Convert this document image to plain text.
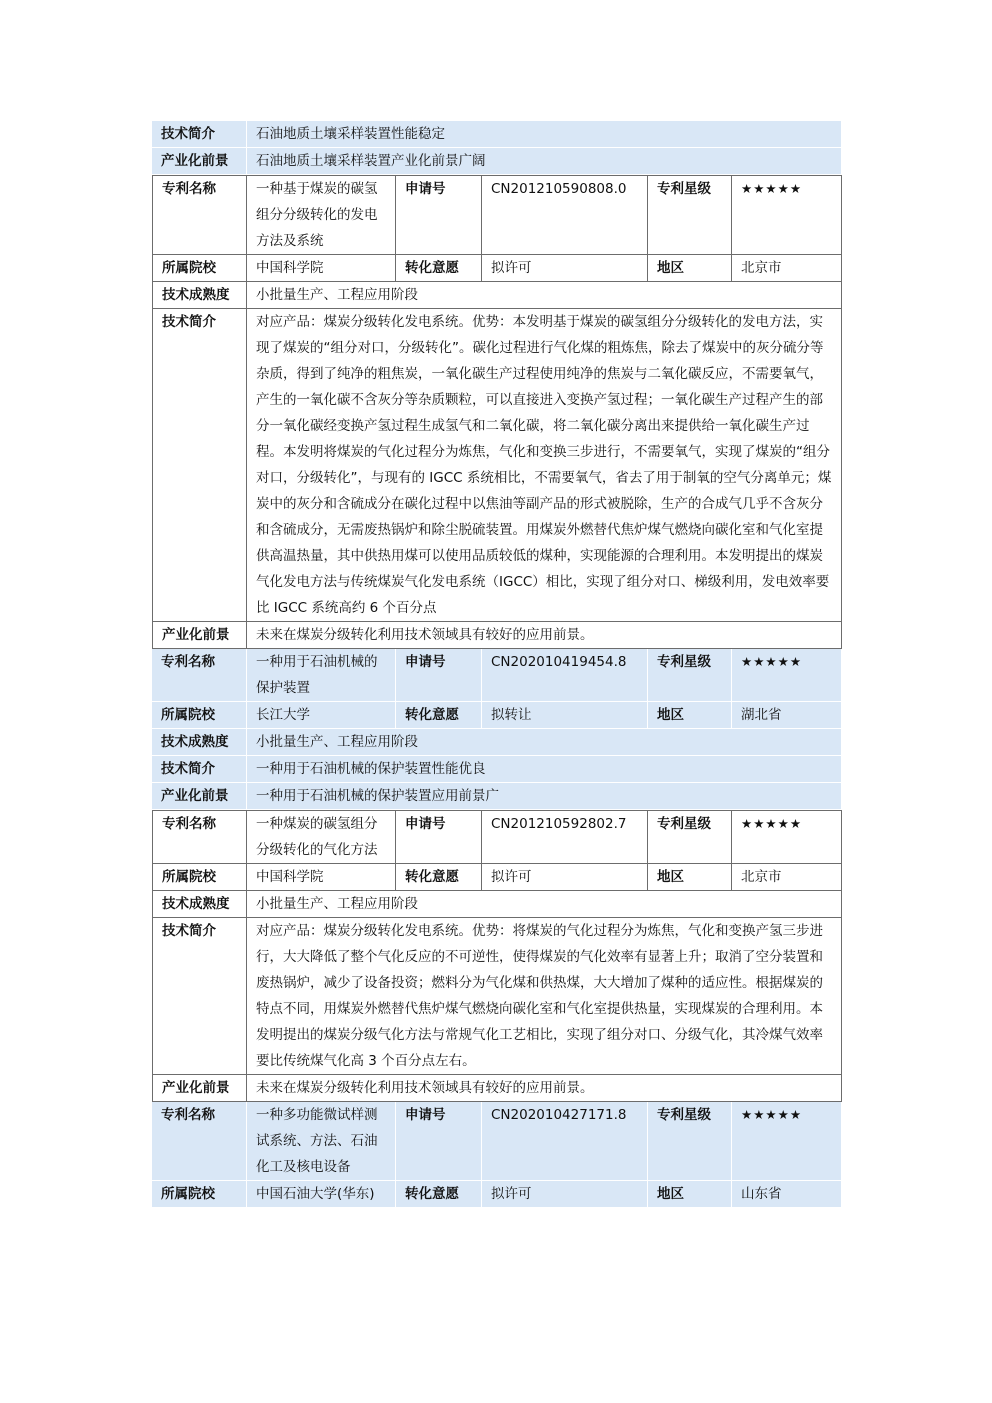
技术简介	石油地质土壤采样装置性能稳定				
产业化前景	石油地质土壤采样装置产业化前景广阔				
专利名称	一种基于煤炭的碳氢组分分级转化的发电方法及系统	申请号	CN201210590808.0	专利星级	★★★★★
所属院校	中国科学院	转化意愿	拟许可	地区	北京市
技术成熟度	小批量生产、工程应用阶段				
技术简介	对应产品：煤炭分级转化发电系统。优势：本发明基于煤炭的碳氢组分分级转化的发电方法，实现了煤炭的“组分对口，分级转化”。碳化过程进行气化煤的粗炼焦，除去了煤炭中的灰分硫分等杂质，得到了纯净的粗焦炭，一氧化碳生产过程使用纯净的焦炭与二氧化碳反应，不需要氧气，产生的一氧化碳不含灰分等杂质颗粒，可以直接进入变换产氢过程；一氧化碳生产过程产生的部分一氧化碳经变换产氢过程生成氢气和二氧化碳，将二氧化碳分离出来提供给一氧化碳生产过程。本发明将煤炭的气化过程分为炼焦，气化和变换三步进行，不需要氧气，实现了煤炭的“组分对口，分级转化”，与现有的 IGCC 系统相比，不需要氧气，省去了用于制氧的空气分离单元；煤炭中的灰分和含硫成分在碳化过程中以焦油等副产品的形式被脱除，生产的合成气几乎不含灰分和含硫成分，无需废热锅炉和除尘脱硫装置。用煤炭外燃替代焦炉煤气燃烧向碳化室和气化室提供高温热量，其中供热用煤可以使用品质较低的煤种，实现能源的合理利用。本发明提出的煤炭气化发电方法与传统煤炭气化发电系统（IGCC）相比，实现了组分对口、梯级利用，发电效率要比 IGCC 系统高约 6 个百分点				
产业化前景	未来在煤炭分级转化利用技术领域具有较好的应用前景。				
专利名称	一种用于石油机械的保护装置	申请号	CN202010419454.8	专利星级	★★★★★
所属院校	长江大学	转化意愿	拟转让	地区	湖北省
技术成熟度	小批量生产、工程应用阶段				
技术简介	一种用于石油机械的保护装置性能优良				
产业化前景	一种用于石油机械的保护装置应用前景广				
专利名称	一种煤炭的碳氢组分分级转化的气化方法	申请号	CN201210592802.7	专利星级	★★★★★
所属院校	中国科学院	转化意愿	拟许可	地区	北京市
技术成熟度	小批量生产、工程应用阶段				
技术简介	对应产品：煤炭分级转化发电系统。优势：将煤炭的气化过程分为炼焦，气化和变换产氢三步进行，大大降低了整个气化反应的不可逆性，使得煤炭的气化效率有显著上升；取消了空分装置和废热锅炉，减少了设备投资；燃料分为气化煤和供热煤，大大增加了煤种的适应性。根据煤炭的特点不同，用煤炭外燃替代焦炉煤气燃烧向碳化室和气化室提供热量，实现煤炭的合理利用。本发明提出的煤炭分级气化方法与常规气化工艺相比，实现了组分对口、分级气化，其冷煤气效率要比传统煤气化高 3 个百分点左右。				
产业化前景	未来在煤炭分级转化利用技术领域具有较好的应用前景。				
专利名称	一种多功能微试样测试系统、方法、石油化工及核电设备	申请号	CN202010427171.8	专利星级	★★★★★
所属院校	中国石油大学(华东)	转化意愿	拟许可	地区	山东省
